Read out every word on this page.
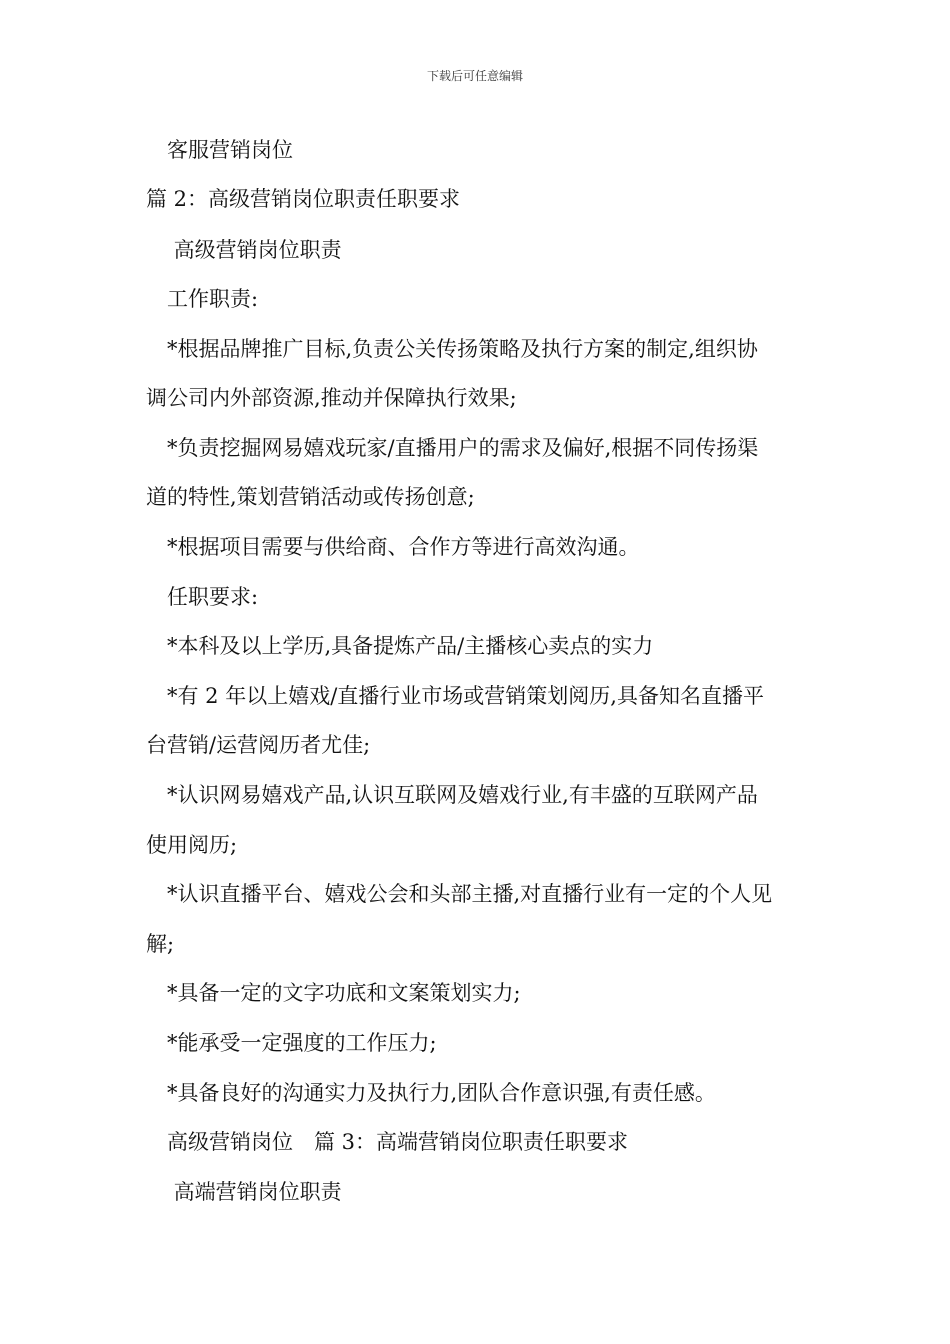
下载后可任意编辑
　客服营销岗位
篇 2：高级营销岗位职责任职要求
　 高级营销岗位职责
　工作职责:
　*根据品牌推广目标,负责公关传扬策略及执行方案的制定,组织协
调公司内外部资源,推动并保障执行效果;
　*负责挖掘网易嬉戏玩家/直播用户的需求及偏好,根据不同传扬渠
道的特性,策划营销活动或传扬创意;
　*根据项目需要与供给商、合作方等进行高效沟通。
　任职要求:
　*本科及以上学历,具备提炼产品/主播核心卖点的实力
　*有 2 年以上嬉戏/直播行业市场或营销策划阅历,具备知名直播平
台营销/运营阅历者尤佳;
　*认识网易嬉戏产品,认识互联网及嬉戏行业,有丰盛的互联网产品
使用阅历;
　*认识直播平台、嬉戏公会和头部主播,对直播行业有一定的个人见
解;
　*具备一定的文字功底和文案策划实力;
　*能承受一定强度的工作压力;
　*具备良好的沟通实力及执行力,团队合作意识强,有责任感。
　高级营销岗位　篇 3：高端营销岗位职责任职要求
　 高端营销岗位职责
